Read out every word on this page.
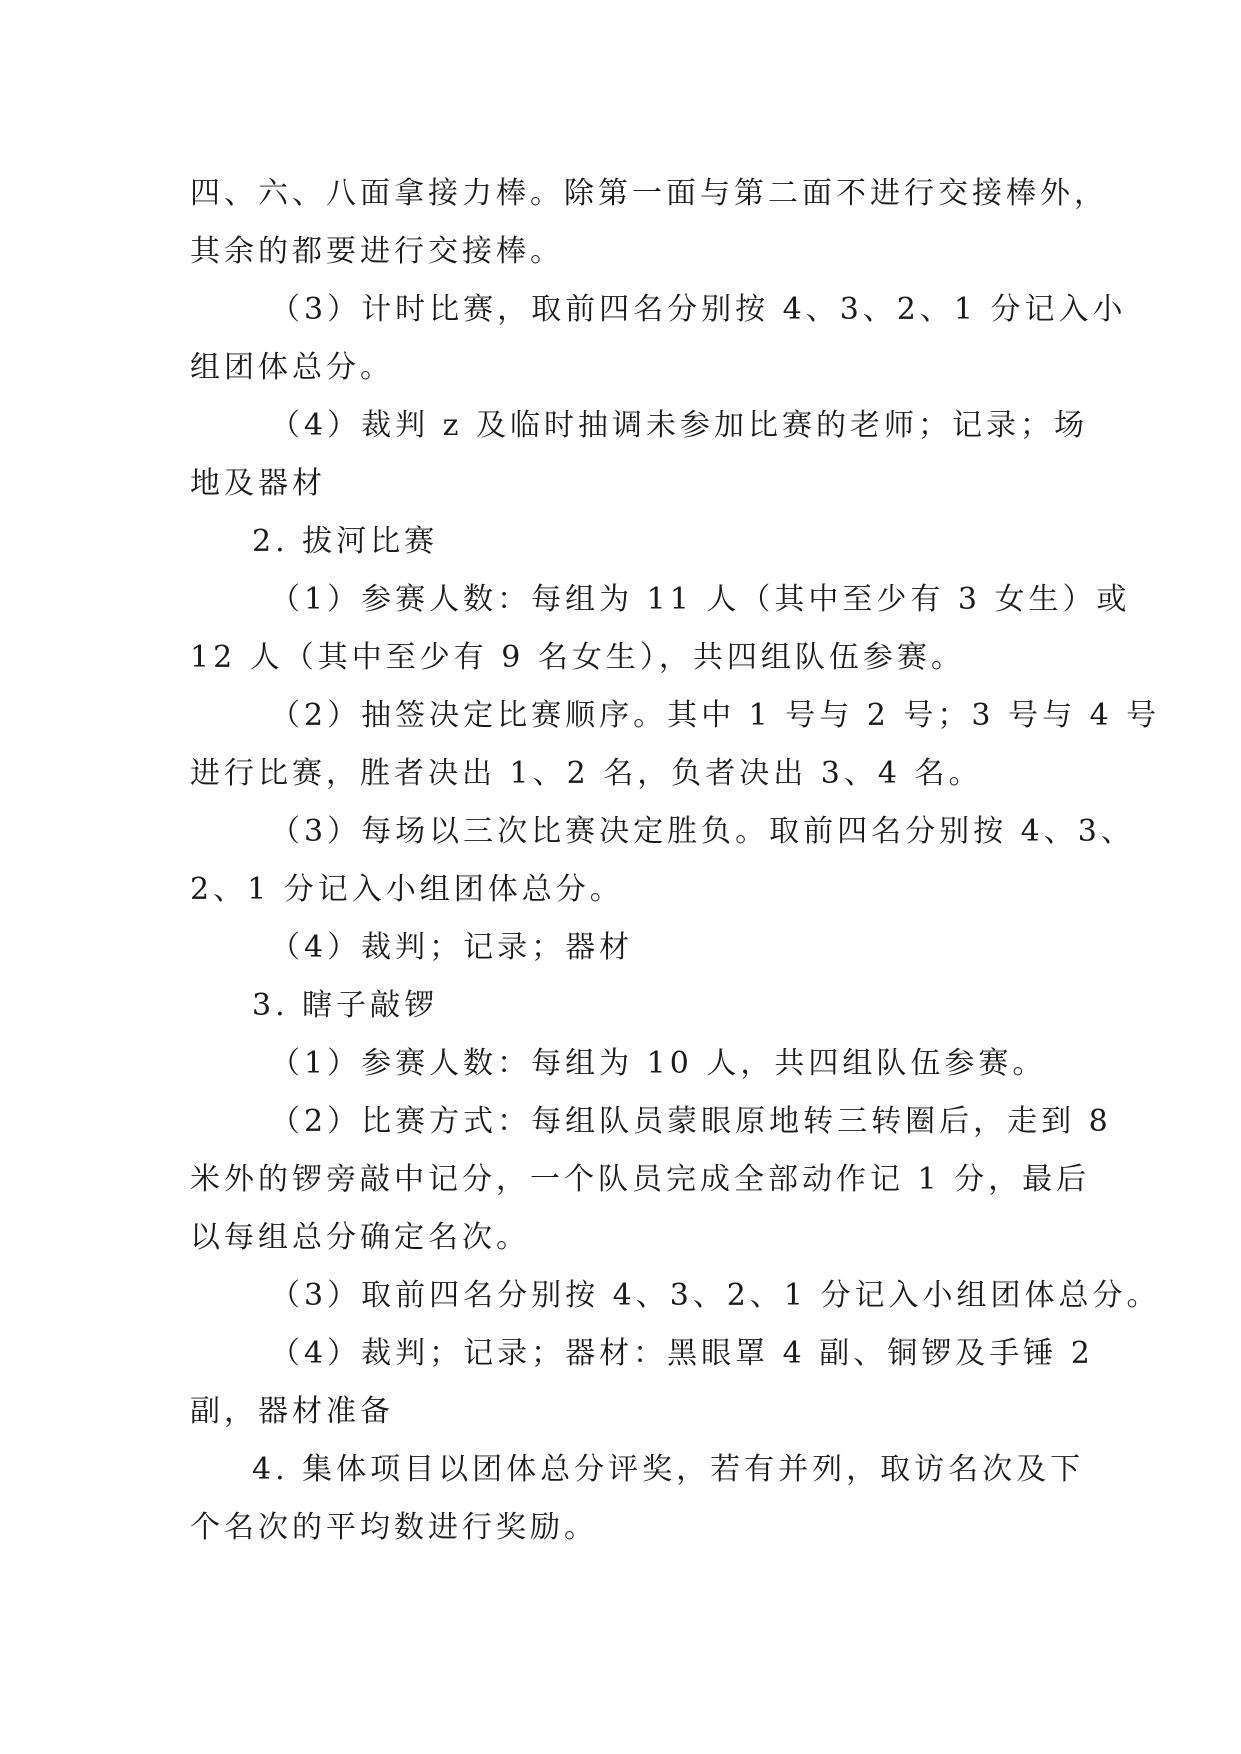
四、六、八面拿接力棒。除第一面与第二面不进行交接棒外，
其余的都要进行交接棒。
（3）计时比赛，取前四名分别按 4、3、2、1 分记入小
组团体总分。
（4）裁判 z 及临时抽调未参加比赛的老师；记录；场
地及器材
2. 拔河比赛
（1）参赛人数：每组为 11 人（其中至少有 3 女生）或
12 人（其中至少有 9 名女生），共四组队伍参赛。
（2）抽签决定比赛顺序。其中 1 号与 2 号；3 号与 4 号
进行比赛，胜者决出 1、2 名，负者决出 3、4 名。
（3）每场以三次比赛决定胜负。取前四名分别按 4、3、
2、1 分记入小组团体总分。
（4）裁判；记录；器材
3. 瞎子敲锣
（1）参赛人数：每组为 10 人，共四组队伍参赛。
（2）比赛方式：每组队员蒙眼原地转三转圈后，走到 8
米外的锣旁敲中记分，一个队员完成全部动作记 1 分，最后
以每组总分确定名次。
（3）取前四名分别按 4、3、2、1 分记入小组团体总分。
（4）裁判；记录；器材：黑眼罩 4 副、铜锣及手锤 2
副，器材准备
4. 集体项目以团体总分评奖，若有并列，取访名次及下
个名次的平均数进行奖励。
